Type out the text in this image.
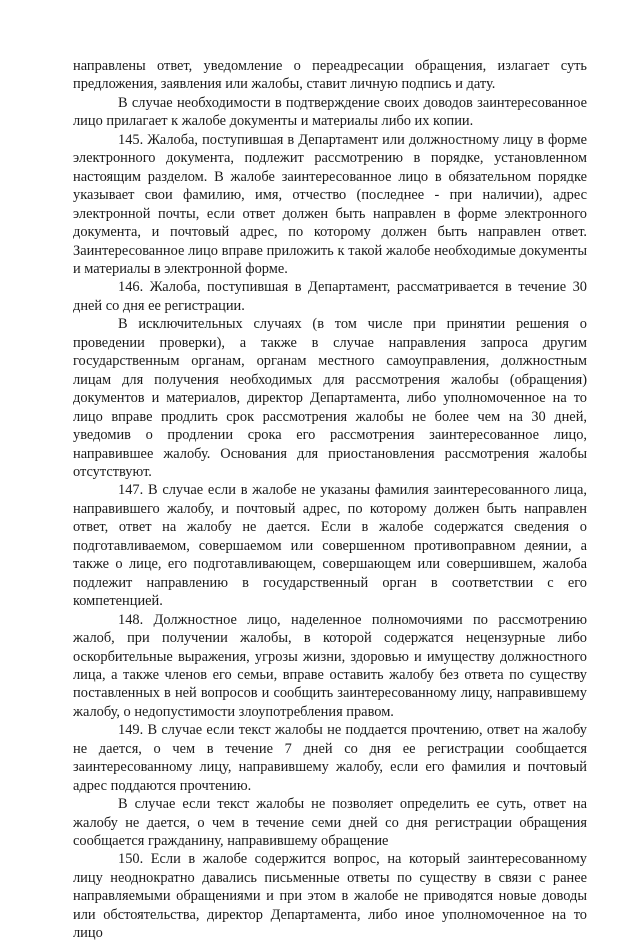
направлены ответ, уведомление о переадресации обращения, излагает суть предложения, заявления или жалобы, ставит личную подпись и дату.

В случае необходимости в подтверждение своих доводов заинтересованное лицо прилагает к жалобе документы и материалы либо их копии.

145. Жалоба, поступившая в Департамент или должностному лицу в форме электронного документа, подлежит рассмотрению в порядке, установленном настоящим разделом. В жалобе заинтересованное лицо в обязательном порядке указывает свои фамилию, имя, отчество (последнее - при наличии), адрес электронной почты, если ответ должен быть направлен в форме электронного документа, и почтовый адрес, по которому должен быть направлен ответ. Заинтересованное лицо вправе приложить к такой жалобе необходимые документы и материалы в электронной форме.

146. Жалоба, поступившая в Департамент, рассматривается в течение 30 дней со дня ее регистрации.

В исключительных случаях (в том числе при принятии решения о проведении проверки), а также в случае направления запроса другим государственным органам, органам местного самоуправления, должностным лицам для получения необходимых для рассмотрения жалобы (обращения) документов и материалов, директор Департамента, либо уполномоченное на то лицо вправе продлить срок рассмотрения жалобы не более чем на 30 дней, уведомив о продлении срока его рассмотрения заинтересованное лицо, направившее жалобу. Основания для приостановления рассмотрения жалобы отсутствуют.

147. В случае если в жалобе не указаны фамилия заинтересованного лица, направившего жалобу, и почтовый адрес, по которому должен быть направлен ответ, ответ на жалобу не дается. Если в жалобе содержатся сведения о подготавливаемом, совершаемом или совершенном противоправном деянии, а также о лице, его подготавливающем, совершающем или совершившем, жалоба подлежит направлению в государственный орган в соответствии с его компетенцией.

148. Должностное лицо, наделенное полномочиями по рассмотрению жалоб, при получении жалобы, в которой содержатся нецензурные либо оскорбительные выражения, угрозы жизни, здоровью и имуществу должностного лица, а также членов его семьи, вправе оставить жалобу без ответа по существу поставленных в ней вопросов и сообщить заинтересованному лицу, направившему жалобу, о недопустимости злоупотребления правом.

149. В случае если текст жалобы не поддается прочтению, ответ на жалобу не дается, о чем в течение 7 дней со дня ее регистрации сообщается заинтересованному лицу, направившему жалобу, если его фамилия и почтовый адрес поддаются прочтению.

В случае если текст жалобы не позволяет определить ее суть, ответ на жалобу не дается, о чем в течение семи дней со дня регистрации обращения сообщается гражданину, направившему обращение

150. Если в жалобе содержится вопрос, на который заинтересованному лицу неоднократно давались письменные ответы по существу в связи с ранее направляемыми обращениями и при этом в жалобе не приводятся новые доводы или обстоятельства, директор Департамента, либо иное уполномоченное на то лицо
